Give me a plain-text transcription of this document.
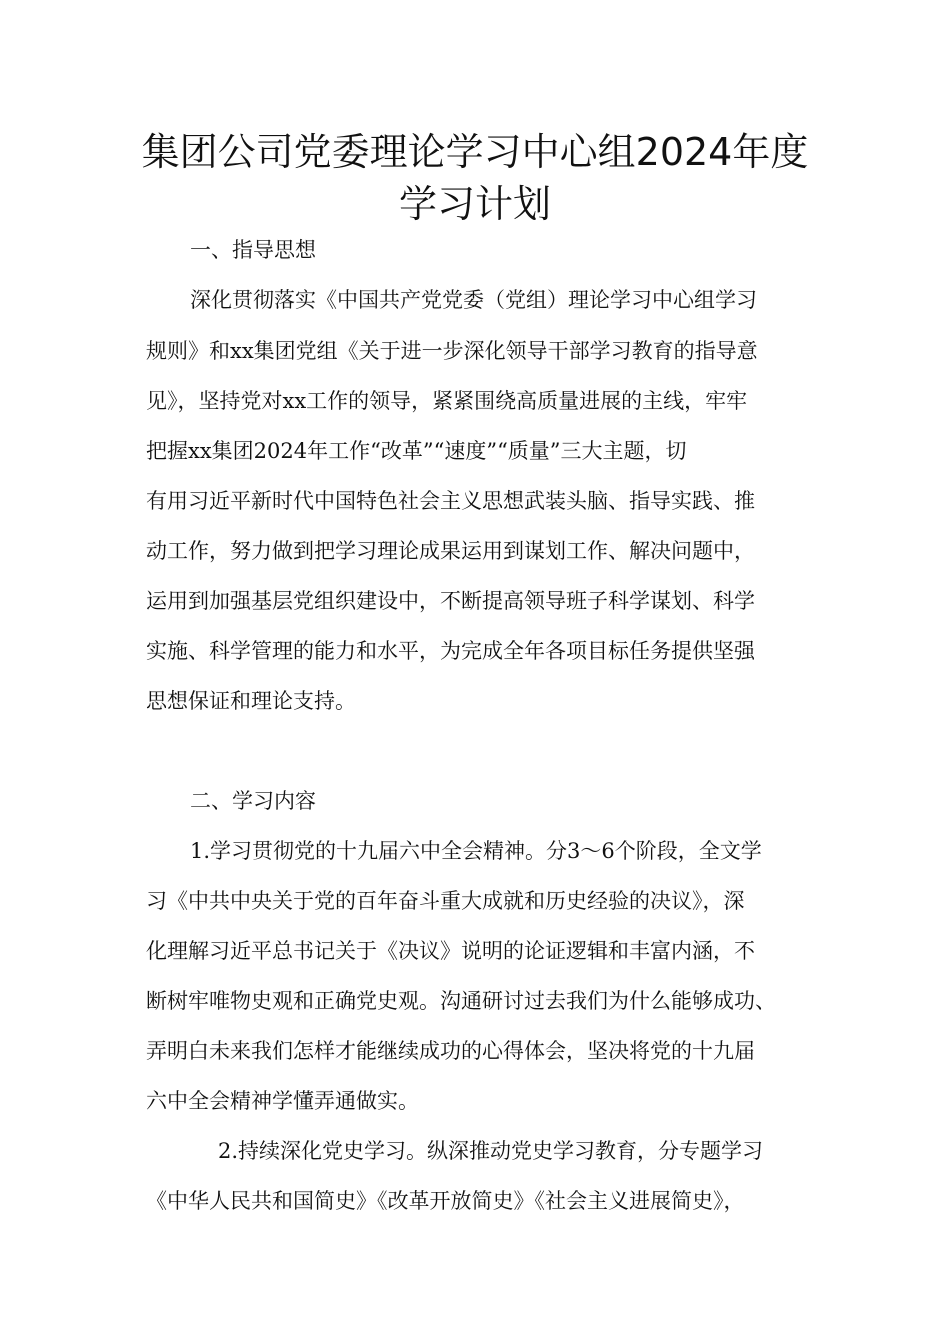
集团公司党委理论学习中心组2024年度学习计划
一、指导思想
深化贯彻落实《中国共产党党委（党组）理论学习中心组学习
规则》和xx集团党组《关于进一步深化领导干部学习教育的指导意
见》，坚持党对xx工作的领导，紧紧围绕高质量进展的主线，牢牢
把握xx集团2024年工作“改革”“速度”“质量”三大主题，切
有用习近平新时代中国特色社会主义思想武装头脑、指导实践、推
动工作，努力做到把学习理论成果运用到谋划工作、解决问题中，
运用到加强基层党组织建设中，不断提高领导班子科学谋划、科学
实施、科学管理的能力和水平，为完成全年各项目标任务提供坚强
思想保证和理论支持。
二、学习内容
1.学习贯彻党的十九届六中全会精神。分3～6个阶段，全文学
习《中共中央关于党的百年奋斗重大成就和历史经验的决议》，深
化理解习近平总书记关于《决议》说明的论证逻辑和丰富内涵，不
断树牢唯物史观和正确党史观。沟通研讨过去我们为什么能够成功、
弄明白未来我们怎样才能继续成功的心得体会，坚决将党的十九届
六中全会精神学懂弄通做实。
2.持续深化党史学习。纵深推动党史学习教育，分专题学习
《中华人民共和国简史》《改革开放简史》《社会主义进展简史》，
